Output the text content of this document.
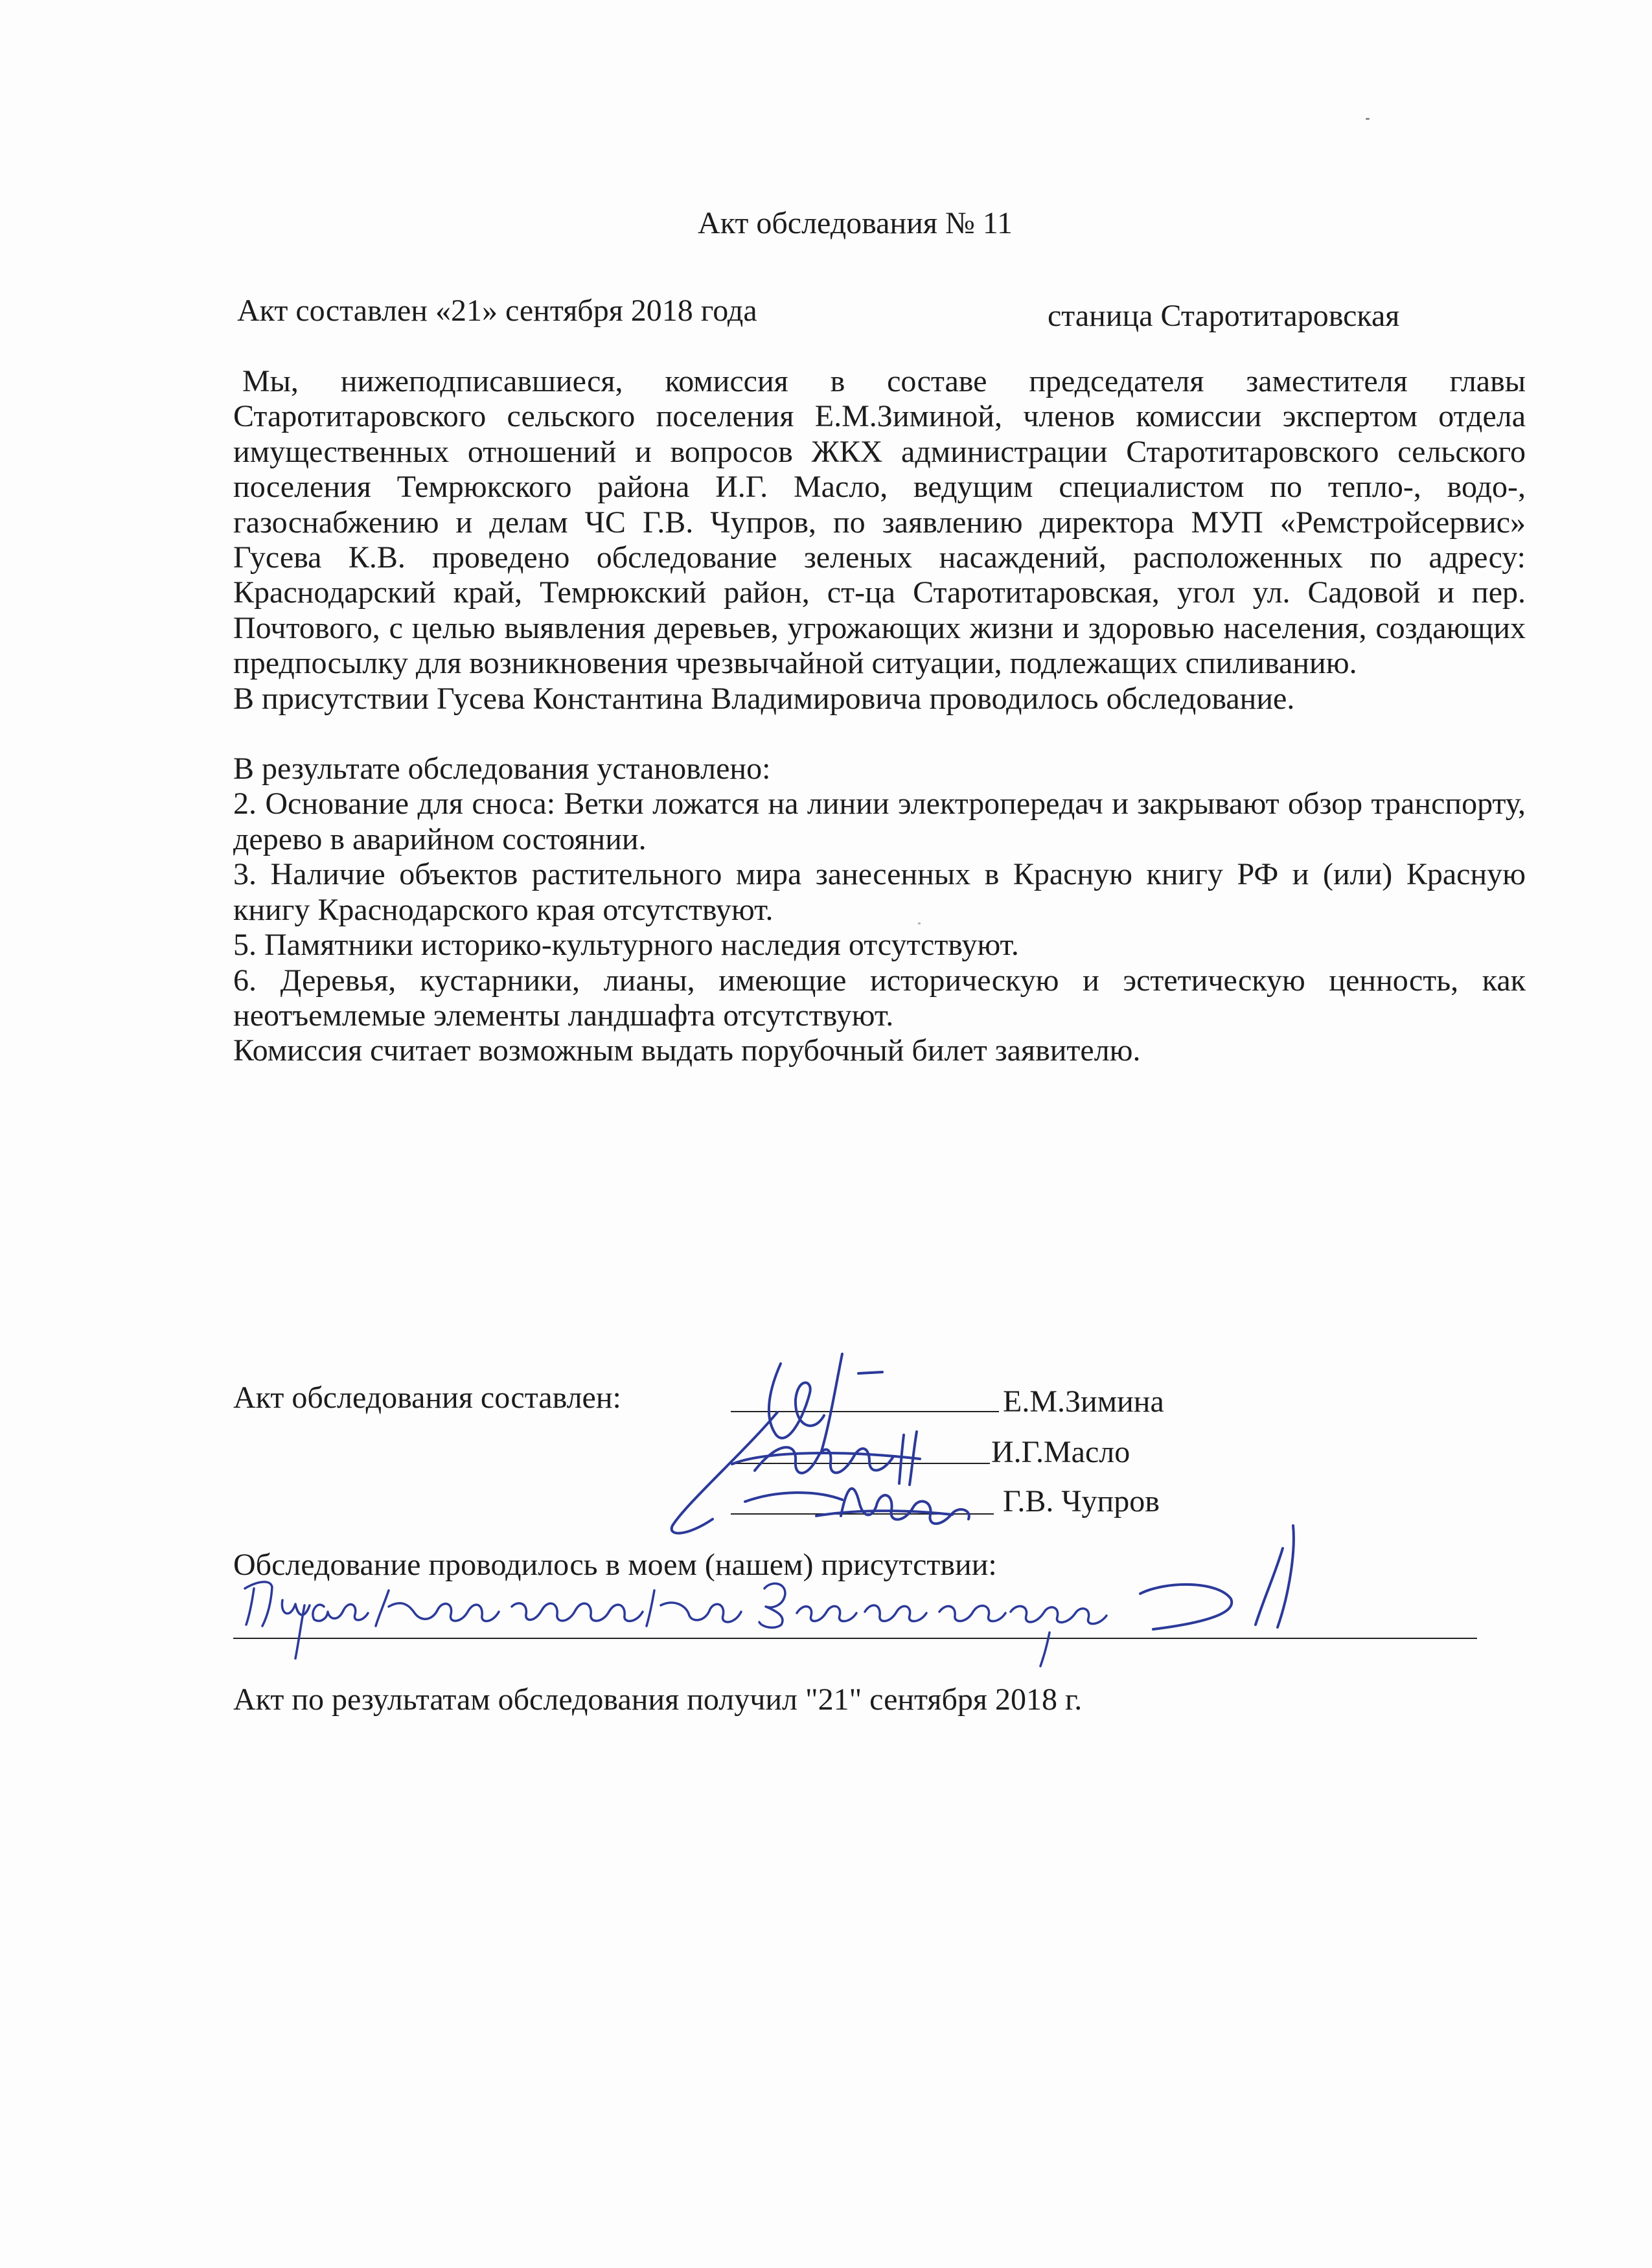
Акт обследования № 11
Акт составлен «21» сентября 2018 года	станица Старотитаровская

Мы, нижеподписавшиеся, комиссия в составе председателя заместителя главы Старотитаровского сельского поселения Е.М.Зиминой, членов комиссии экспертом отдела имущественных отношений и вопросов ЖКХ администрации Старотитаровского сельского поселения Темрюкского района И.Г. Масло, ведущим специалистом по тепло-, водо-, газоснабжению и делам ЧС Г.В. Чупров, по заявлению директора МУП «Ремстройсервис» Гусева К.В. проведено обследование зеленых насаждений, расположенных по адресу: Краснодарский край, Темрюкский район, ст-ца Старотитаровская, угол ул. Садовой и пер. Почтового, с целью выявления деревьев, угрожающих жизни и здоровью населения, создающих предпосылку для возникновения чрезвычайной ситуации, подлежащих спиливанию.

В присутствии Гусева Константина Владимировича проводилось обследование.

В результате обследования установлено:

2. Основание для сноса: Ветки ложатся на линии электропередач и закрывают обзор транспорту, дерево в аварийном состоянии.

3. Наличие объектов растительного мира занесенных в Красную книгу РФ и (или) Красную книгу Краснодарского края отсутствуют.

5. Памятники историко-культурного наследия отсутствуют.

6. Деревья, кустарники, лианы, имеющие историческую и эстетическую ценность, как неотъемлемые элементы ландшафта отсутствуют.

Комиссия считает возможным выдать порубочный билет заявителю.

Акт обследования составлен:	Е.М.Зимина
И.Г.Масло
Г.В. Чупров
Обследование проводилось в моем (нашем) присутствии:
Акт по результатам обследования получил "21" сентября 2018 г.
